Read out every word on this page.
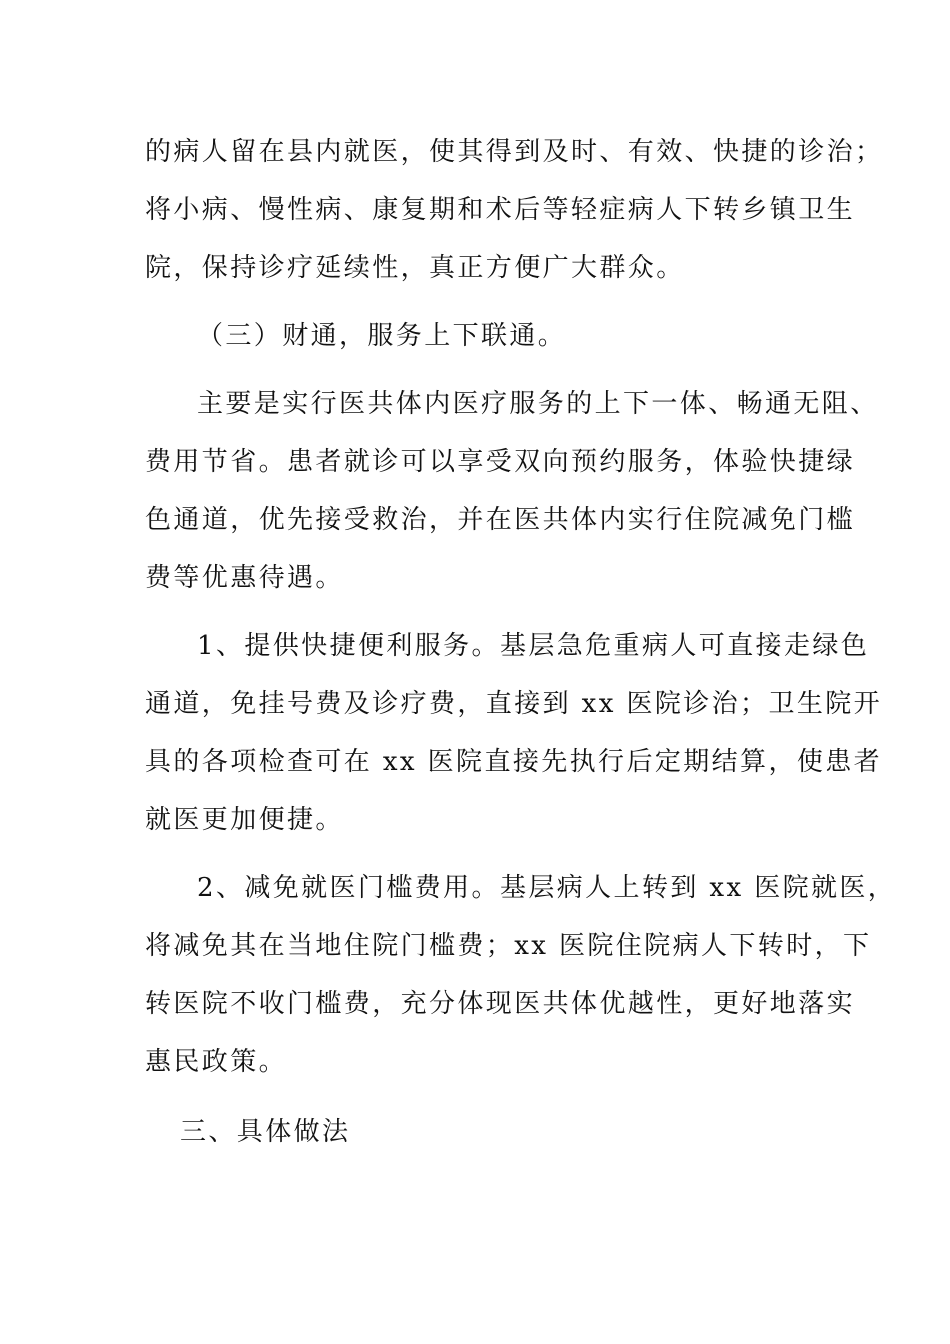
的病人留在县内就医，使其得到及时、有效、快捷的诊治；
将小病、慢性病、康复期和术后等轻症病人下转乡镇卫生
院，保持诊疗延续性，真正方便广大群众。
（三）财通，服务上下联通。
主要是实行医共体内医疗服务的上下一体、畅通无阻、
费用节省。患者就诊可以享受双向预约服务，体验快捷绿
色通道，优先接受救治，并在医共体内实行住院减免门槛
费等优惠待遇。
1、提供快捷便利服务。基层急危重病人可直接走绿色
通道，免挂号费及诊疗费，直接到 xx 医院诊治；卫生院开
具的各项检查可在 xx 医院直接先执行后定期结算，使患者
就医更加便捷。
2、减免就医门槛费用。基层病人上转到 xx 医院就医，
将减免其在当地住院门槛费；xx 医院住院病人下转时，下
转医院不收门槛费，充分体现医共体优越性，更好地落实
惠民政策。
三、具体做法
